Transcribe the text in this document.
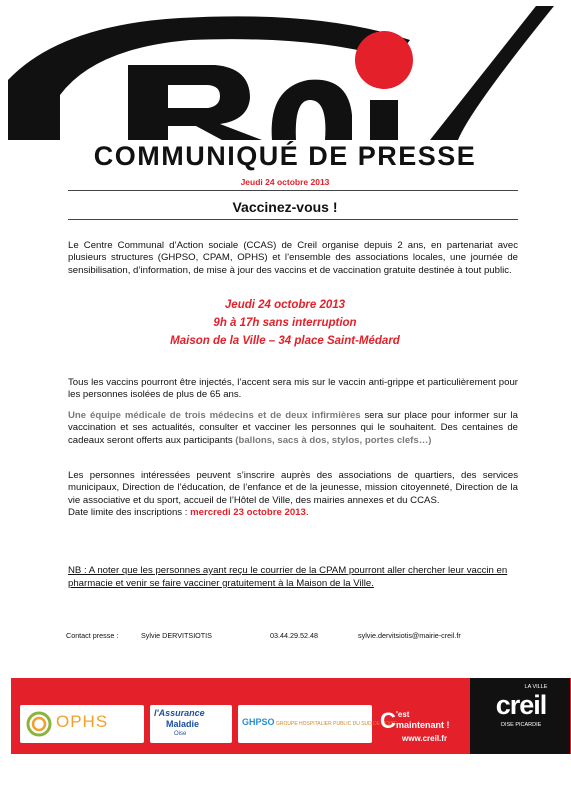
COMMUNIQUÉ DE PRESSE
Jeudi 24 octobre 2013
Vaccinez-vous !
Le Centre Communal d’Action sociale (CCAS) de Creil organise depuis 2 ans, en partenariat avec plusieurs structures (GHPSO, CPAM, OPHS) et l’ensemble des associations locales, une journée de sensibilisation, d’information, de mise à jour des vaccins et de vaccination gratuite destinée à tout public.
Jeudi 24 octobre 2013
9h à 17h sans interruption
Maison de la Ville – 34 place Saint-Médard
Tous les vaccins pourront être injectés, l’accent sera mis sur le vaccin anti-grippe et particulièrement pour les personnes isolées de plus de 65 ans.
Une équipe médicale de trois médecins et de deux infirmières sera sur place pour informer sur la vaccination et ses actualités, consulter et vacciner les personnes qui le souhaitent. Des centaines de cadeaux seront offerts aux participants (ballons, sacs à dos, stylos, portes clefs…)
Les personnes intéressées peuvent s’inscrire auprès des associations de quartiers, des services municipaux, Direction de l’éducation, de l’enfance et de la jeunesse, mission citoyenneté, Direction de la vie associative et du sport, accueil de l’Hôtel de Ville, des mairies annexes et du CCAS.
Date limite des inscriptions : mercredi 23 octobre 2013.
NB : A noter que les personnes ayant reçu le courrier de la CPAM pourront aller chercher leur vaccin en pharmacie et venir se faire vacciner gratuitement à la Maison de la Ville.
Contact presse :	Sylvie DERVITSIOTIS	03.44.29.52.48	sylvie.dervitsiotis@mairie-creil.fr
OPHS	l'Assurance
Maladie
Oise
GHPSO GROUPE HOSPITALIER PUBLIC DU SUD DE L'OISE
C 'est
maintenant !
www.creil.fr
LA VILLE
creil
OISE PICARDIE
